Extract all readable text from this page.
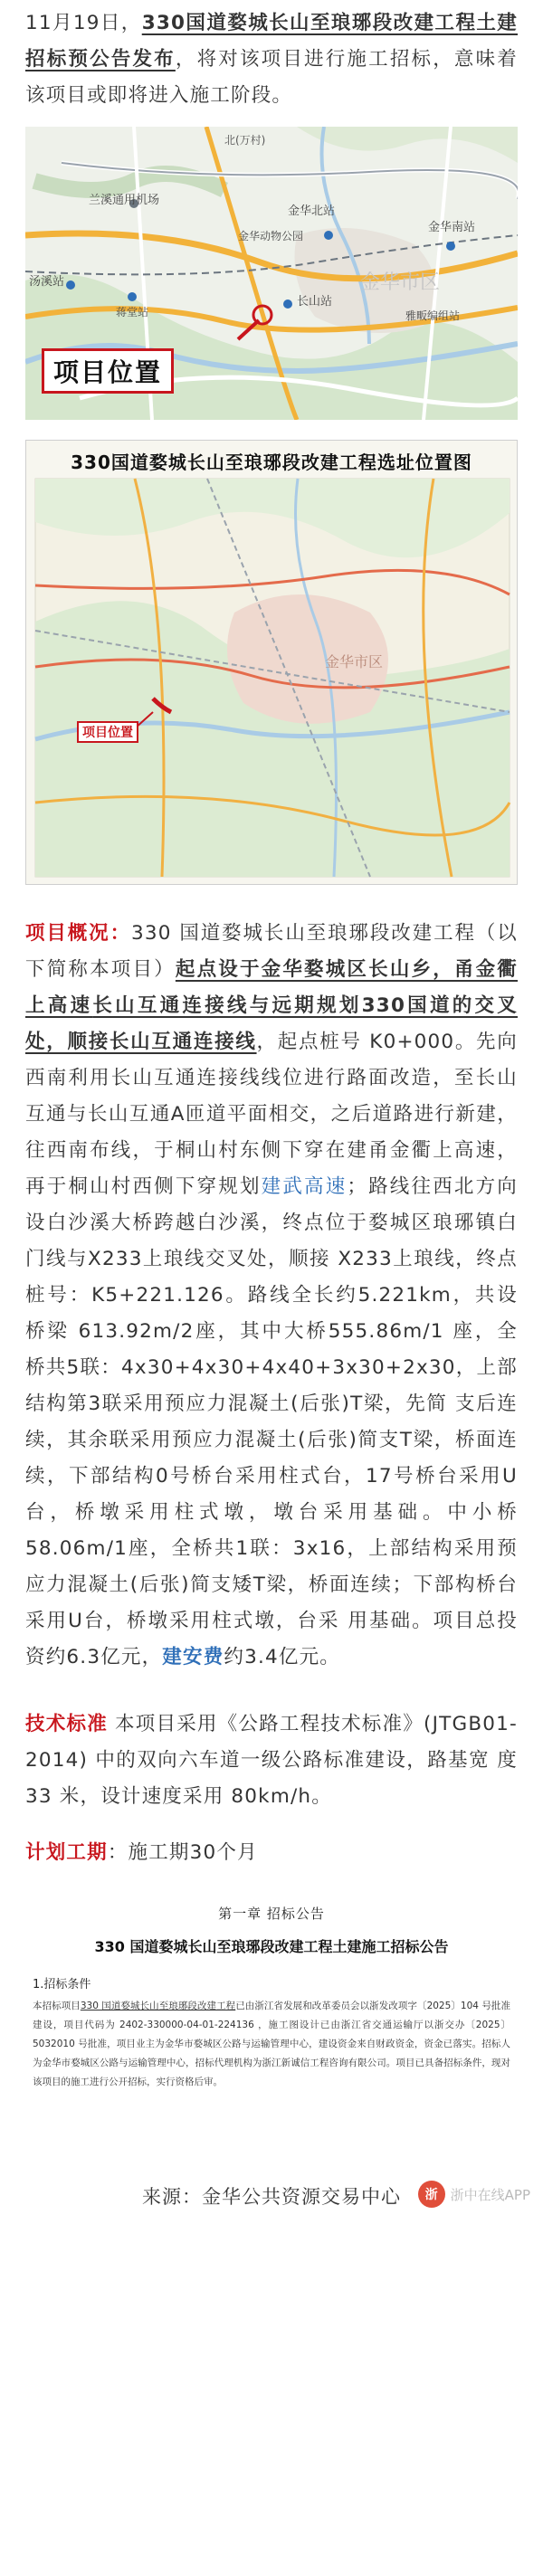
11月19日，330国道婺城长山至琅琊段改建工程土建招标预公告发布，将对该项目进行施工招标，意味着该项目或即将进入施工阶段。

北(万村)
兰溪通用机场
金华北站
金华南站
金华动物公园
汤溪站
蒋堂站
长山站
金华市区
雅畈编组站
项目位置
330国道婺城长山至琅琊段改建工程选址位置图
金华市区
项目位置

项目概况：330 国道婺城长山至琅琊段改建工程（以下简称本项目）起点设于金华婺城区长山乡，甬金衢上高速长山互通连接线与远期规划330国道的交叉处，顺接长山互通连接线，起点桩号 K0+000。先向西南利用长山互通连接线线位进行路面改造，至长山互通与长山互通A匝道平面相交，之后道路进行新建，往西南布线，于桐山村东侧下穿在建甬金衢上高速，再于桐山村西侧下穿规划建武高速；路线往西北方向设白沙溪大桥跨越白沙溪，终点位于婺城区琅琊镇白门线与X233上琅线交叉处，顺接 X233上琅线，终点桩号：K5+221.126。路线全长约5.221km，共设桥梁 613.92m/2座，其中大桥555.86m/1 座，全桥共5联：4x30+4x30+4x40+3x30+2x30，上部结构第3联采用预应力混凝土(后张)T梁，先简 支后连续，其余联采用预应力混凝土(后张)简支T梁，桥面连续，下部结构0号桥台采用柱式台，17号桥台采用U台，桥墩采用柱式墩，墩台采用基础。中小桥 58.06m/1座，全桥共1联：3x16，上部结构采用预应力混凝土(后张)简支矮T梁，桥面连续；下部构桥台采用U台，桥墩采用柱式墩，台采 用基础。项目总投资约6.3亿元，建安费约3.4亿元。

技术标准 本项目采用《公路工程技术标准》(JTGB01-2014) 中的双向六车道一级公路标准建设，路基宽 度 33 米，设计速度采用 80km/h。

计划工期：施工期30个月

第一章 招标公告
330 国道婺城长山至琅琊段改建工程土建施工招标公告
1.招标条件
本招标项目330 国道婺城长山至琅琊段改建工程已由浙江省发展和改革委员会以浙发改项字〔2025〕104 号批准建设，项目代码为 2402-330000-04-01-224136 ，施工图设计已由浙江省交通运输厅以浙交办〔2025〕5032010 号批准，项目业主为金华市婺城区公路与运输管理中心，建设资金来自财政资金，资金已落实。招标人为金华市婺城区公路与运输管理中心，招标代理机构为浙江新诚信工程咨询有限公司。项目已具备招标条件，现对该项目的施工进行公开招标，实行资格后审。
来源：金华公共资源交易中心	浙 浙中在线APP
